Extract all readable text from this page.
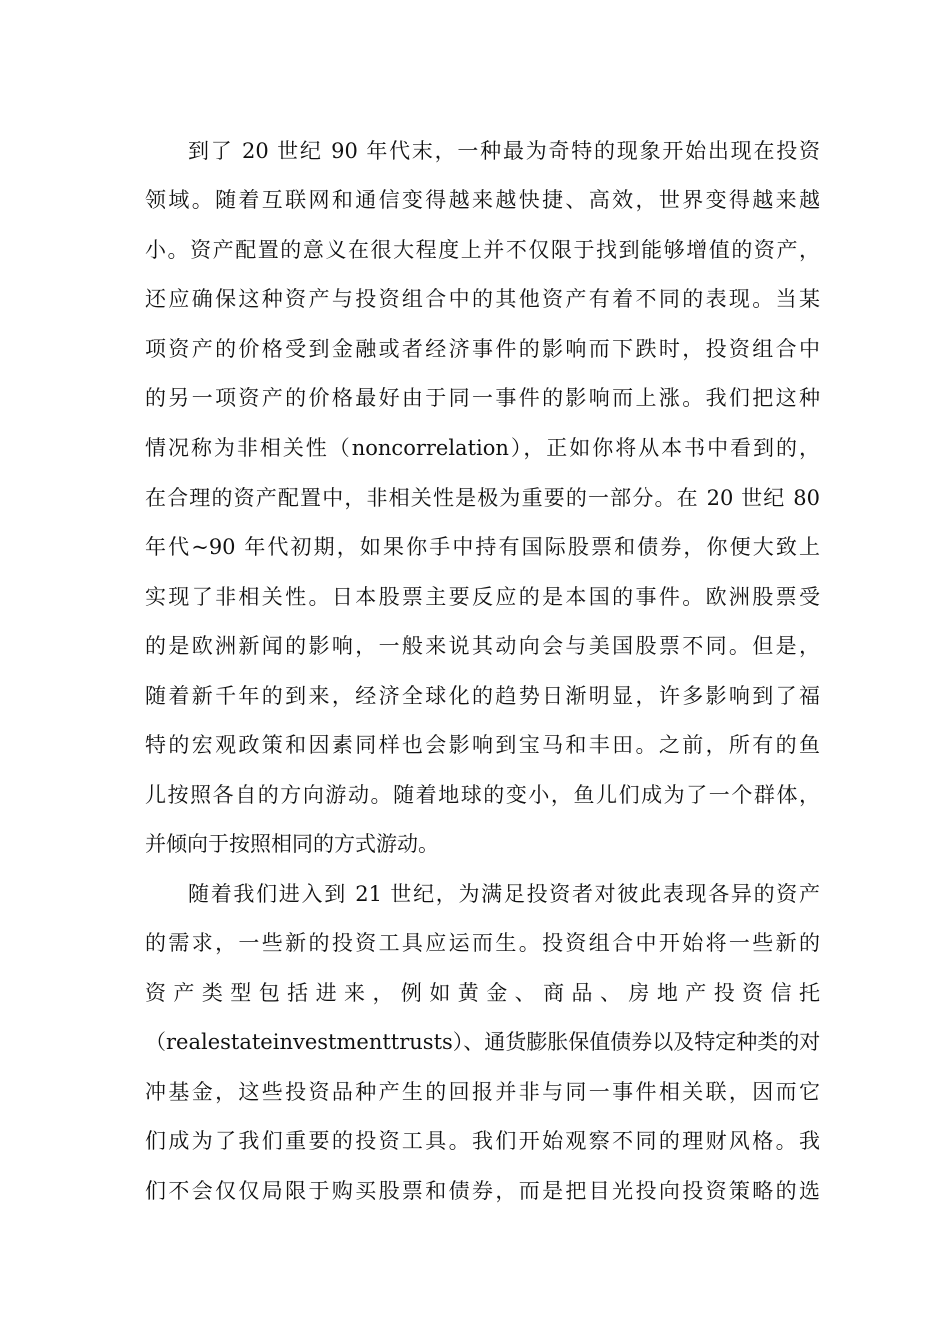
到了 20 世纪 90 年代末，一种最为奇特的现象开始出现在投资
领域。随着互联网和通信变得越来越快捷、高效，世界变得越来越
小。资产配置的意义在很大程度上并不仅限于找到能够增值的资产，
还应确保这种资产与投资组合中的其他资产有着不同的表现。当某
项资产的价格受到金融或者经济事件的影响而下跌时，投资组合中
的另一项资产的价格最好由于同一事件的影响而上涨。我们把这种
情况称为非相关性（noncorrelation），正如你将从本书中看到的，
在合理的资产配置中，非相关性是极为重要的一部分。在 20 世纪 80
年代~90 年代初期，如果你手中持有国际股票和债券，你便大致上
实现了非相关性。日本股票主要反应的是本国的事件。欧洲股票受
的是欧洲新闻的影响，一般来说其动向会与美国股票不同。但是，
随着新千年的到来，经济全球化的趋势日渐明显，许多影响到了福
特的宏观政策和因素同样也会影响到宝马和丰田。之前，所有的鱼
儿按照各自的方向游动。随着地球的变小，鱼儿们成为了一个群体，
并倾向于按照相同的方式游动。
随着我们进入到 21 世纪，为满足投资者对彼此表现各异的资产
的需求，一些新的投资工具应运而生。投资组合中开始将一些新的
资产类型包括进来，例如黄金、商品、房地产投资信托
（realestateinvestmenttrusts）、通货膨胀保值债券以及特定种类的对
冲基金，这些投资品种产生的回报并非与同一事件相关联，因而它
们成为了我们重要的投资工具。我们开始观察不同的理财风格。我
们不会仅仅局限于购买股票和债券，而是把目光投向投资策略的选
